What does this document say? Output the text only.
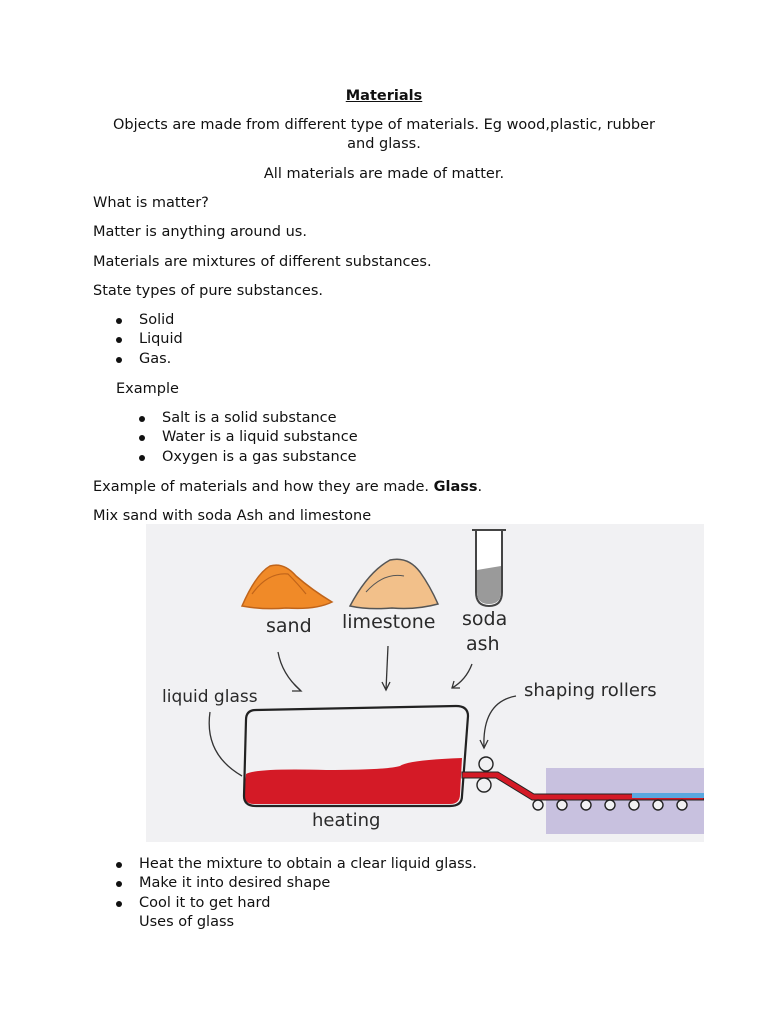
Materials
Objects are made from different type of materials. Eg wood,plastic, rubber
and glass.
All materials are made of matter.
What is matter?
Matter is anything around us.
Materials are mixtures of different substances.
State types of pure substances.
Solid
Liquid
Gas.
Example
Salt is a solid substance
Water is a liquid substance
Oxygen is a gas substance
Example of materials and how they are made. Glass.
Mix sand with soda Ash and limestone
sand limestone soda
ash
liquid glass	shaping rollers
heating
Heat the mixture to obtain a clear liquid glass.
Make it into desired shape
Cool it to get hard
Uses of glass
